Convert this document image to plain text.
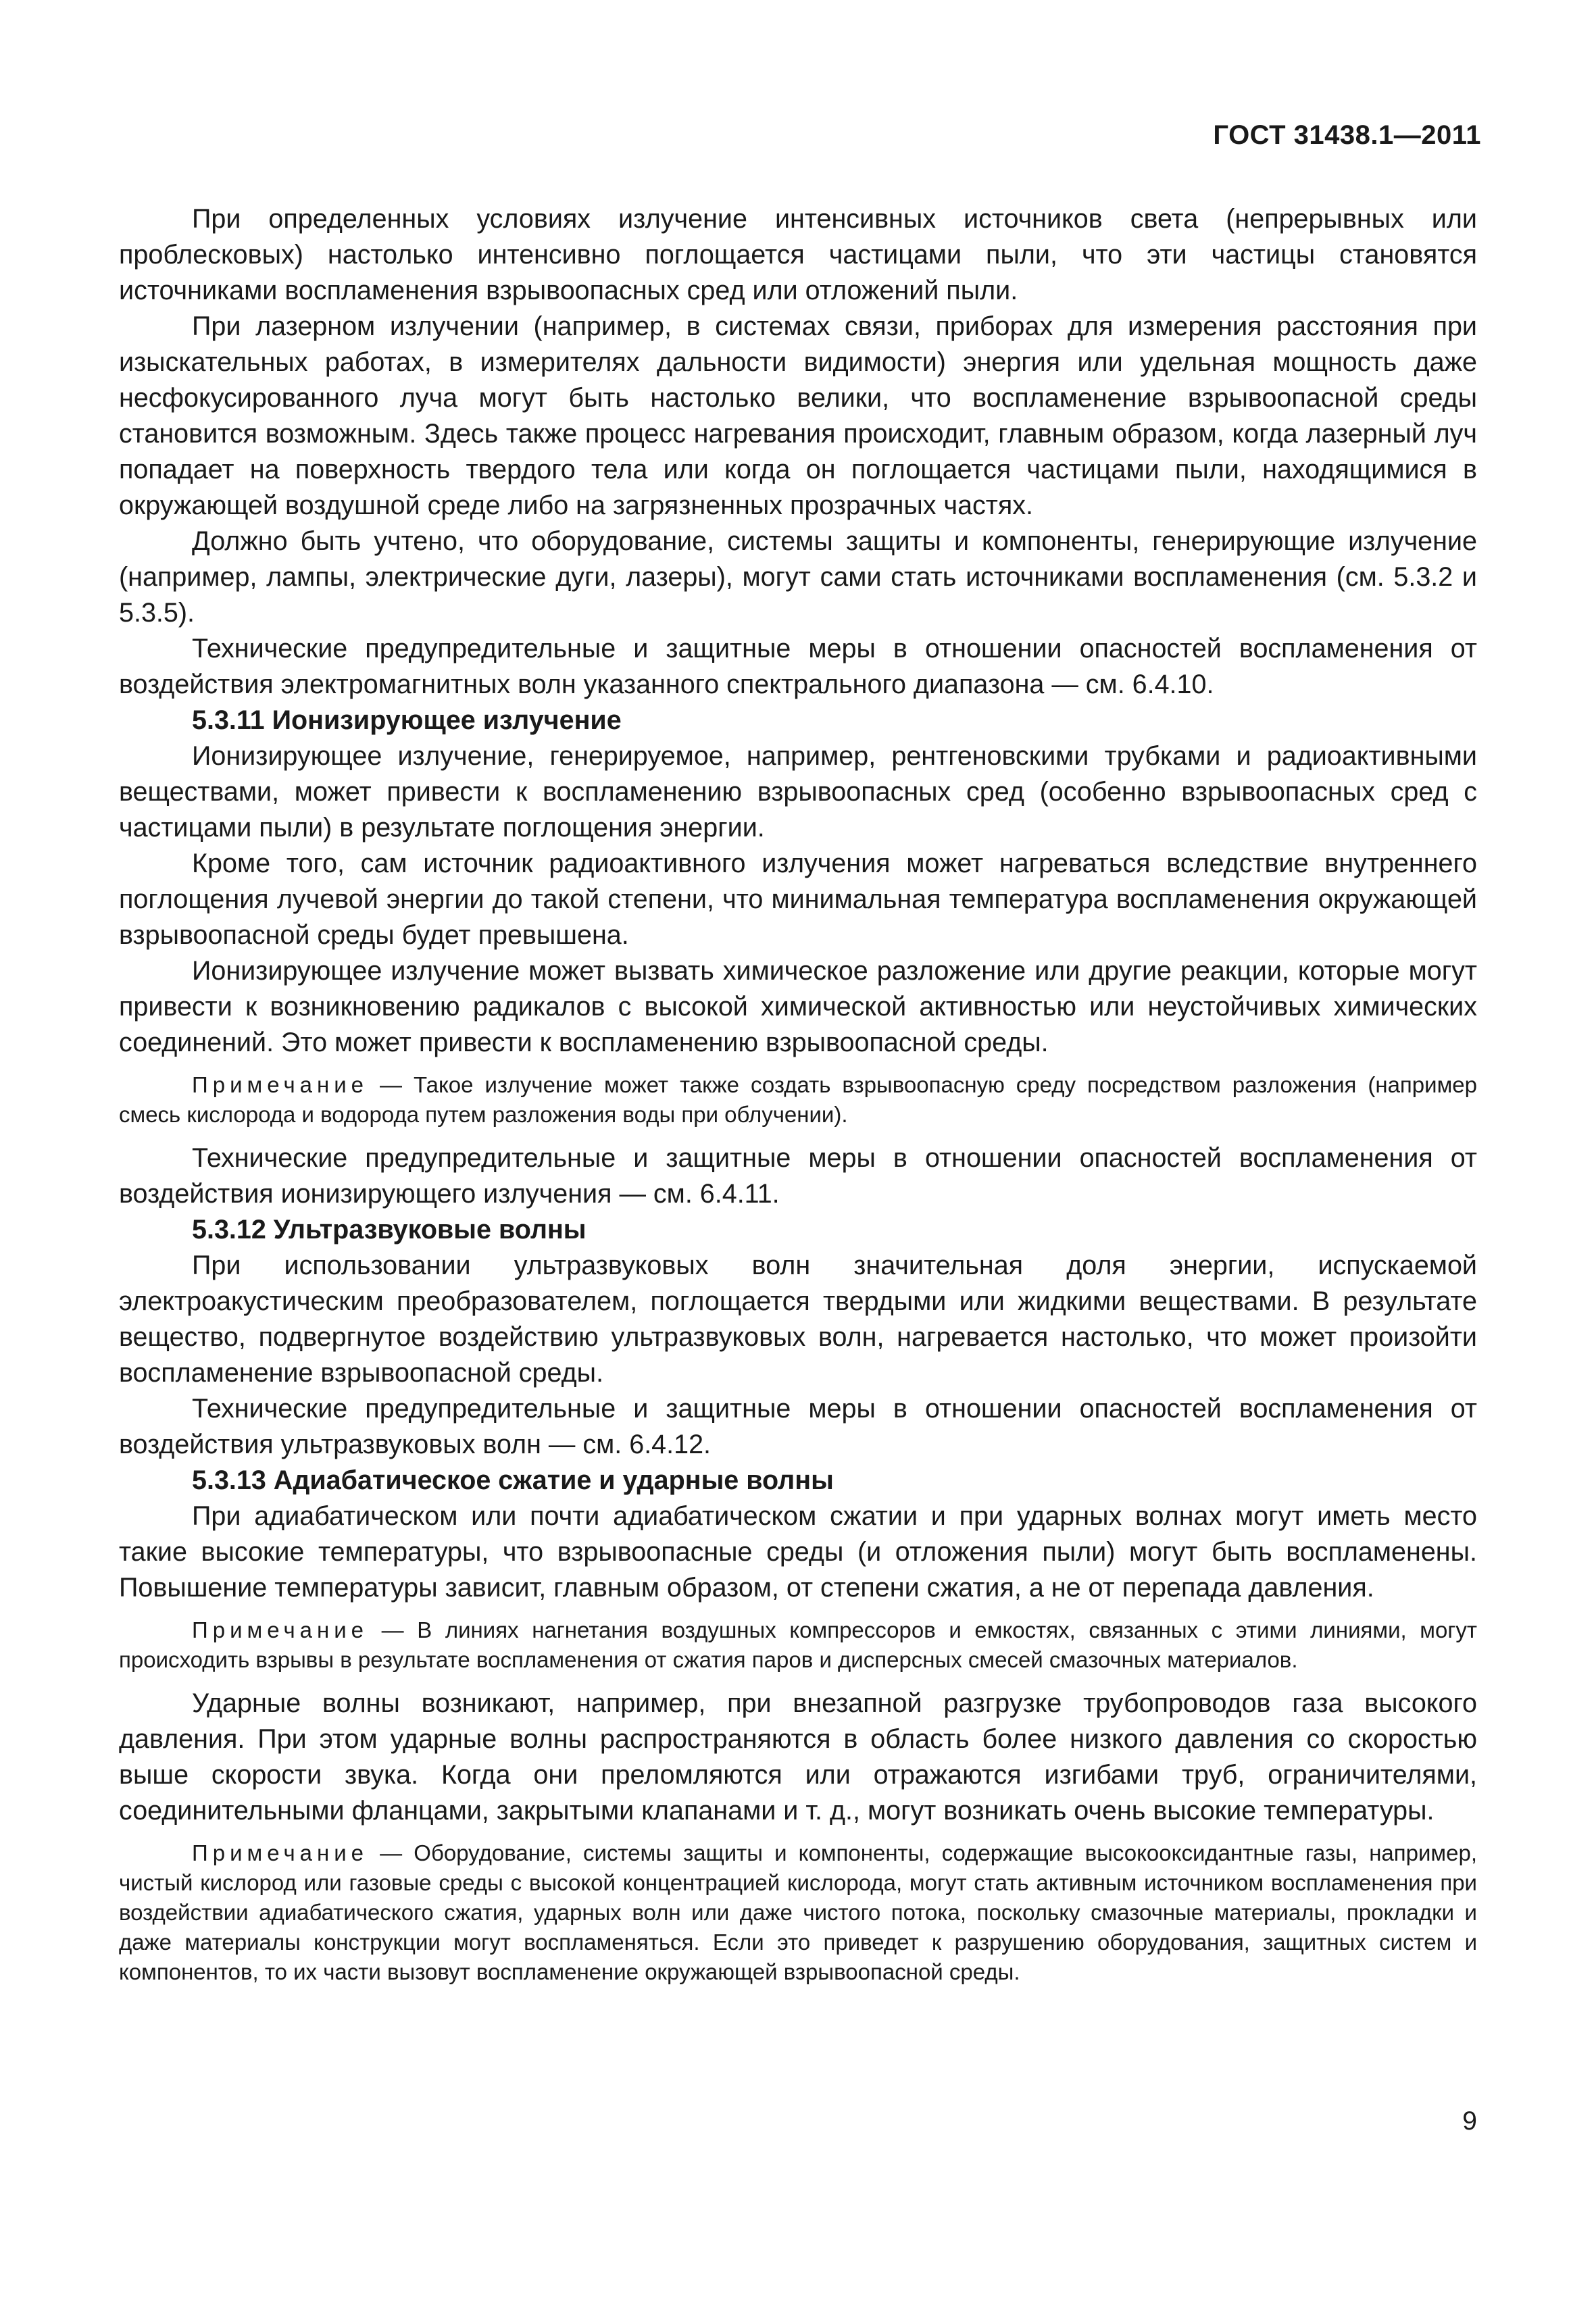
ГОСТ 31438.1—2011

При определенных условиях излучение интенсивных источников света (непрерывных или проблесковых) настолько интенсивно поглощается частицами пыли, что эти частицы становятся источниками воспламенения взрывоопасных сред или отложений пыли.

При лазерном излучении (например, в системах связи, приборах для измерения расстояния при изыскательных работах, в измерителях дальности видимости) энергия или удельная мощность даже несфокусированного луча могут быть настолько велики, что воспламенение взрывоопасной среды становится возможным. Здесь также процесс нагревания происходит, главным образом, когда лазерный луч попадает на поверхность твердого тела или когда он поглощается частицами пыли, находящимися в окружающей воздушной среде либо на загрязненных прозрачных частях.

Должно быть учтено, что оборудование, системы защиты и компоненты, генерирующие излучение (например, лампы, электрические дуги, лазеры), могут сами стать источниками воспламенения (см. 5.3.2 и 5.3.5).

Технические предупредительные и защитные меры в отношении опасностей воспламенения от воздействия электромагнитных волн указанного спектрального диапазона — см. 6.4.10.

5.3.11 Ионизирующее излучение

Ионизирующее излучение, генерируемое, например, рентгеновскими трубками и радиоактивными веществами, может привести к воспламенению взрывоопасных сред (особенно взрывоопасных сред с частицами пыли) в результате поглощения энергии.

Кроме того, сам источник радиоактивного излучения может нагреваться вследствие внутреннего поглощения лучевой энергии до такой степени, что минимальная температура воспламенения окружающей взрывоопасной среды будет превышена.

Ионизирующее излучение может вызвать химическое разложение или другие реакции, которые могут привести к возникновению радикалов с высокой химической активностью или неустойчивых химических соединений. Это может привести к воспламенению взрывоопасной среды.

Примечание — Такое излучение может также создать взрывоопасную среду посредством разложения (например смесь кислорода и водорода путем разложения воды при облучении).

Технические предупредительные и защитные меры в отношении опасностей воспламенения от воздействия ионизирующего излучения — см. 6.4.11.

5.3.12 Ультразвуковые волны

При использовании ультразвуковых волн значительная доля энергии, испускаемой электроакустическим преобразователем, поглощается твердыми или жидкими веществами. В результате вещество, подвергнутое воздействию ультразвуковых волн, нагревается настолько, что может произойти воспламенение взрывоопасной среды.

Технические предупредительные и защитные меры в отношении опасностей воспламенения от воздействия ультразвуковых волн — см. 6.4.12.

5.3.13 Адиабатическое сжатие и ударные волны

При адиабатическом или почти адиабатическом сжатии и при ударных волнах могут иметь место такие высокие температуры, что взрывоопасные среды (и отложения пыли) могут быть воспламенены. Повышение температуры зависит, главным образом, от степени сжатия, а не от перепада давления.

Примечание — В линиях нагнетания воздушных компрессоров и емкостях, связанных с этими линиями, могут происходить взрывы в результате воспламенения от сжатия паров и дисперсных смесей смазочных материалов.

Ударные волны возникают, например, при внезапной разгрузке трубопроводов газа высокого давления. При этом ударные волны распространяются в область более низкого давления со скоростью выше скорости звука. Когда они преломляются или отражаются изгибами труб, ограничителями, соединительными фланцами, закрытыми клапанами и т. д., могут возникать очень высокие температуры.

Примечание — Оборудование, системы защиты и компоненты, содержащие высокооксидантные газы, например, чистый кислород или газовые среды с высокой концентрацией кислорода, могут стать активным источником воспламенения при воздействии адиабатического сжатия, ударных волн или даже чистого потока, поскольку смазочные материалы, прокладки и даже материалы конструкции могут воспламеняться. Если это приведет к разрушению оборудования, защитных систем и компонентов, то их части вызовут воспламенение окружающей взрывоопасной среды.

9
